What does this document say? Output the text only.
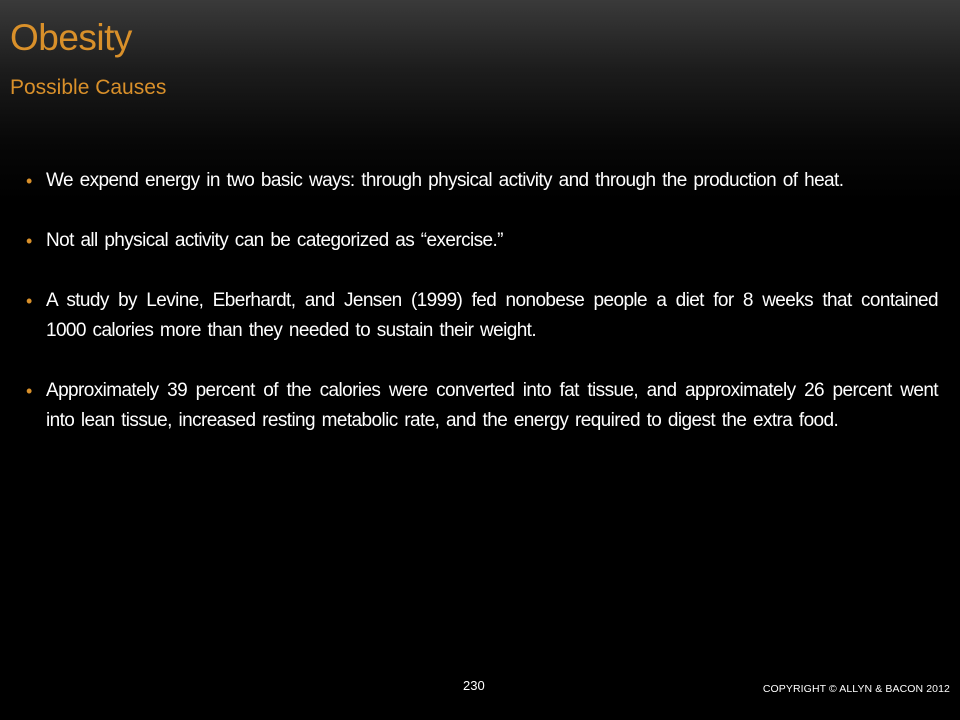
Obesity
Possible Causes
• We expend energy in two basic ways: through physical activity and through the production of heat.
• Not all physical activity can be categorized as “exercise.”
• A study by Levine, Eberhardt, and Jensen (1999) fed nonobese people a diet for 8 weeks that contained 1000 calories more than they needed to sustain their weight.
• Approximately 39 percent of the calories were converted into fat tissue, and approximately 26 percent went into lean tissue, increased resting metabolic rate, and the energy required to digest the extra food.
230	COPYRIGHT © ALLYN & BACON 2012
